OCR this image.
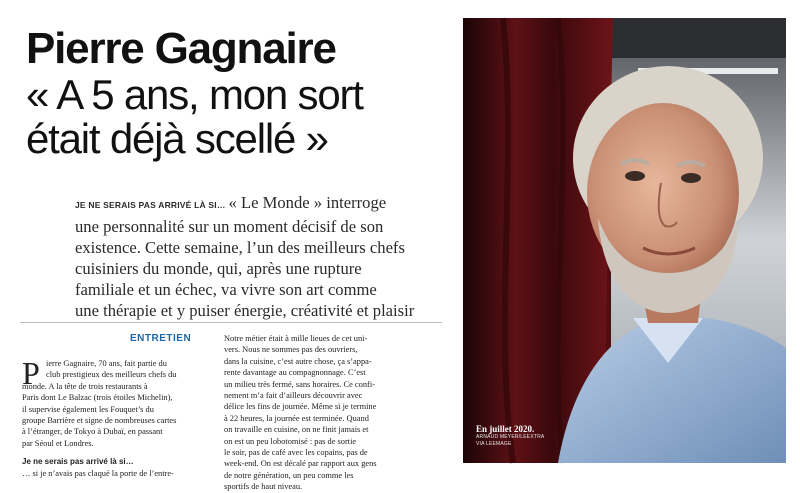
Pierre Gagnaire
« A 5 ans, mon sort
était déjà scellé »
JE NE SERAIS PAS ARRIVÉ LÀ SI… « Le Monde » interroge
une personnalité sur un moment décisif de son
existence. Cette semaine, l’un des meilleurs chefs
cuisiniers du monde, qui, après une rupture
familiale et un échec, va vivre son art comme
une thérapie et y puiser énergie, créativité et plaisir
ENTRETIEN
P ierre Gagnaire, 70 ans, fait partie du
club prestigieux des meilleurs chefs du
monde. A la tête de trois restaurants à
Paris dont Le Balzac (trois étoiles Michelin),
il supervise également les Fouquet’s du
groupe Barrière et signe de nombreuses cartes
à l’étranger, de Tokyo à Dubaï, en passant
par Séoul et Londres.
Je ne serais pas arrivé là si…
… si je n’avais pas claqué la porte de l’entre-
Notre métier était à mille lieues de cet uni-
vers. Nous ne sommes pas des ouvriers,
dans la cuisine, c’est autre chose, ça s’appa-
rente davantage au compagnonnage. C’est
un milieu très fermé, sans horaires. Ce confi-
nement m’a fait d’ailleurs découvrir avec
délice les fins de journée. Même si je termine
à 22 heures, la journée est terminée. Quand
on travaille en cuisine, on ne finit jamais et
on est un peu lobotomisé : pas de sortie
le soir, pas de café avec les copains, pas de
week-end. On est décalé par rapport aux gens
de notre génération, un peu comme les
sportifs de haut niveau.
En juillet 2020.
ARNAUD MEYER/LEEXTRA
VIA LEEMAGE
